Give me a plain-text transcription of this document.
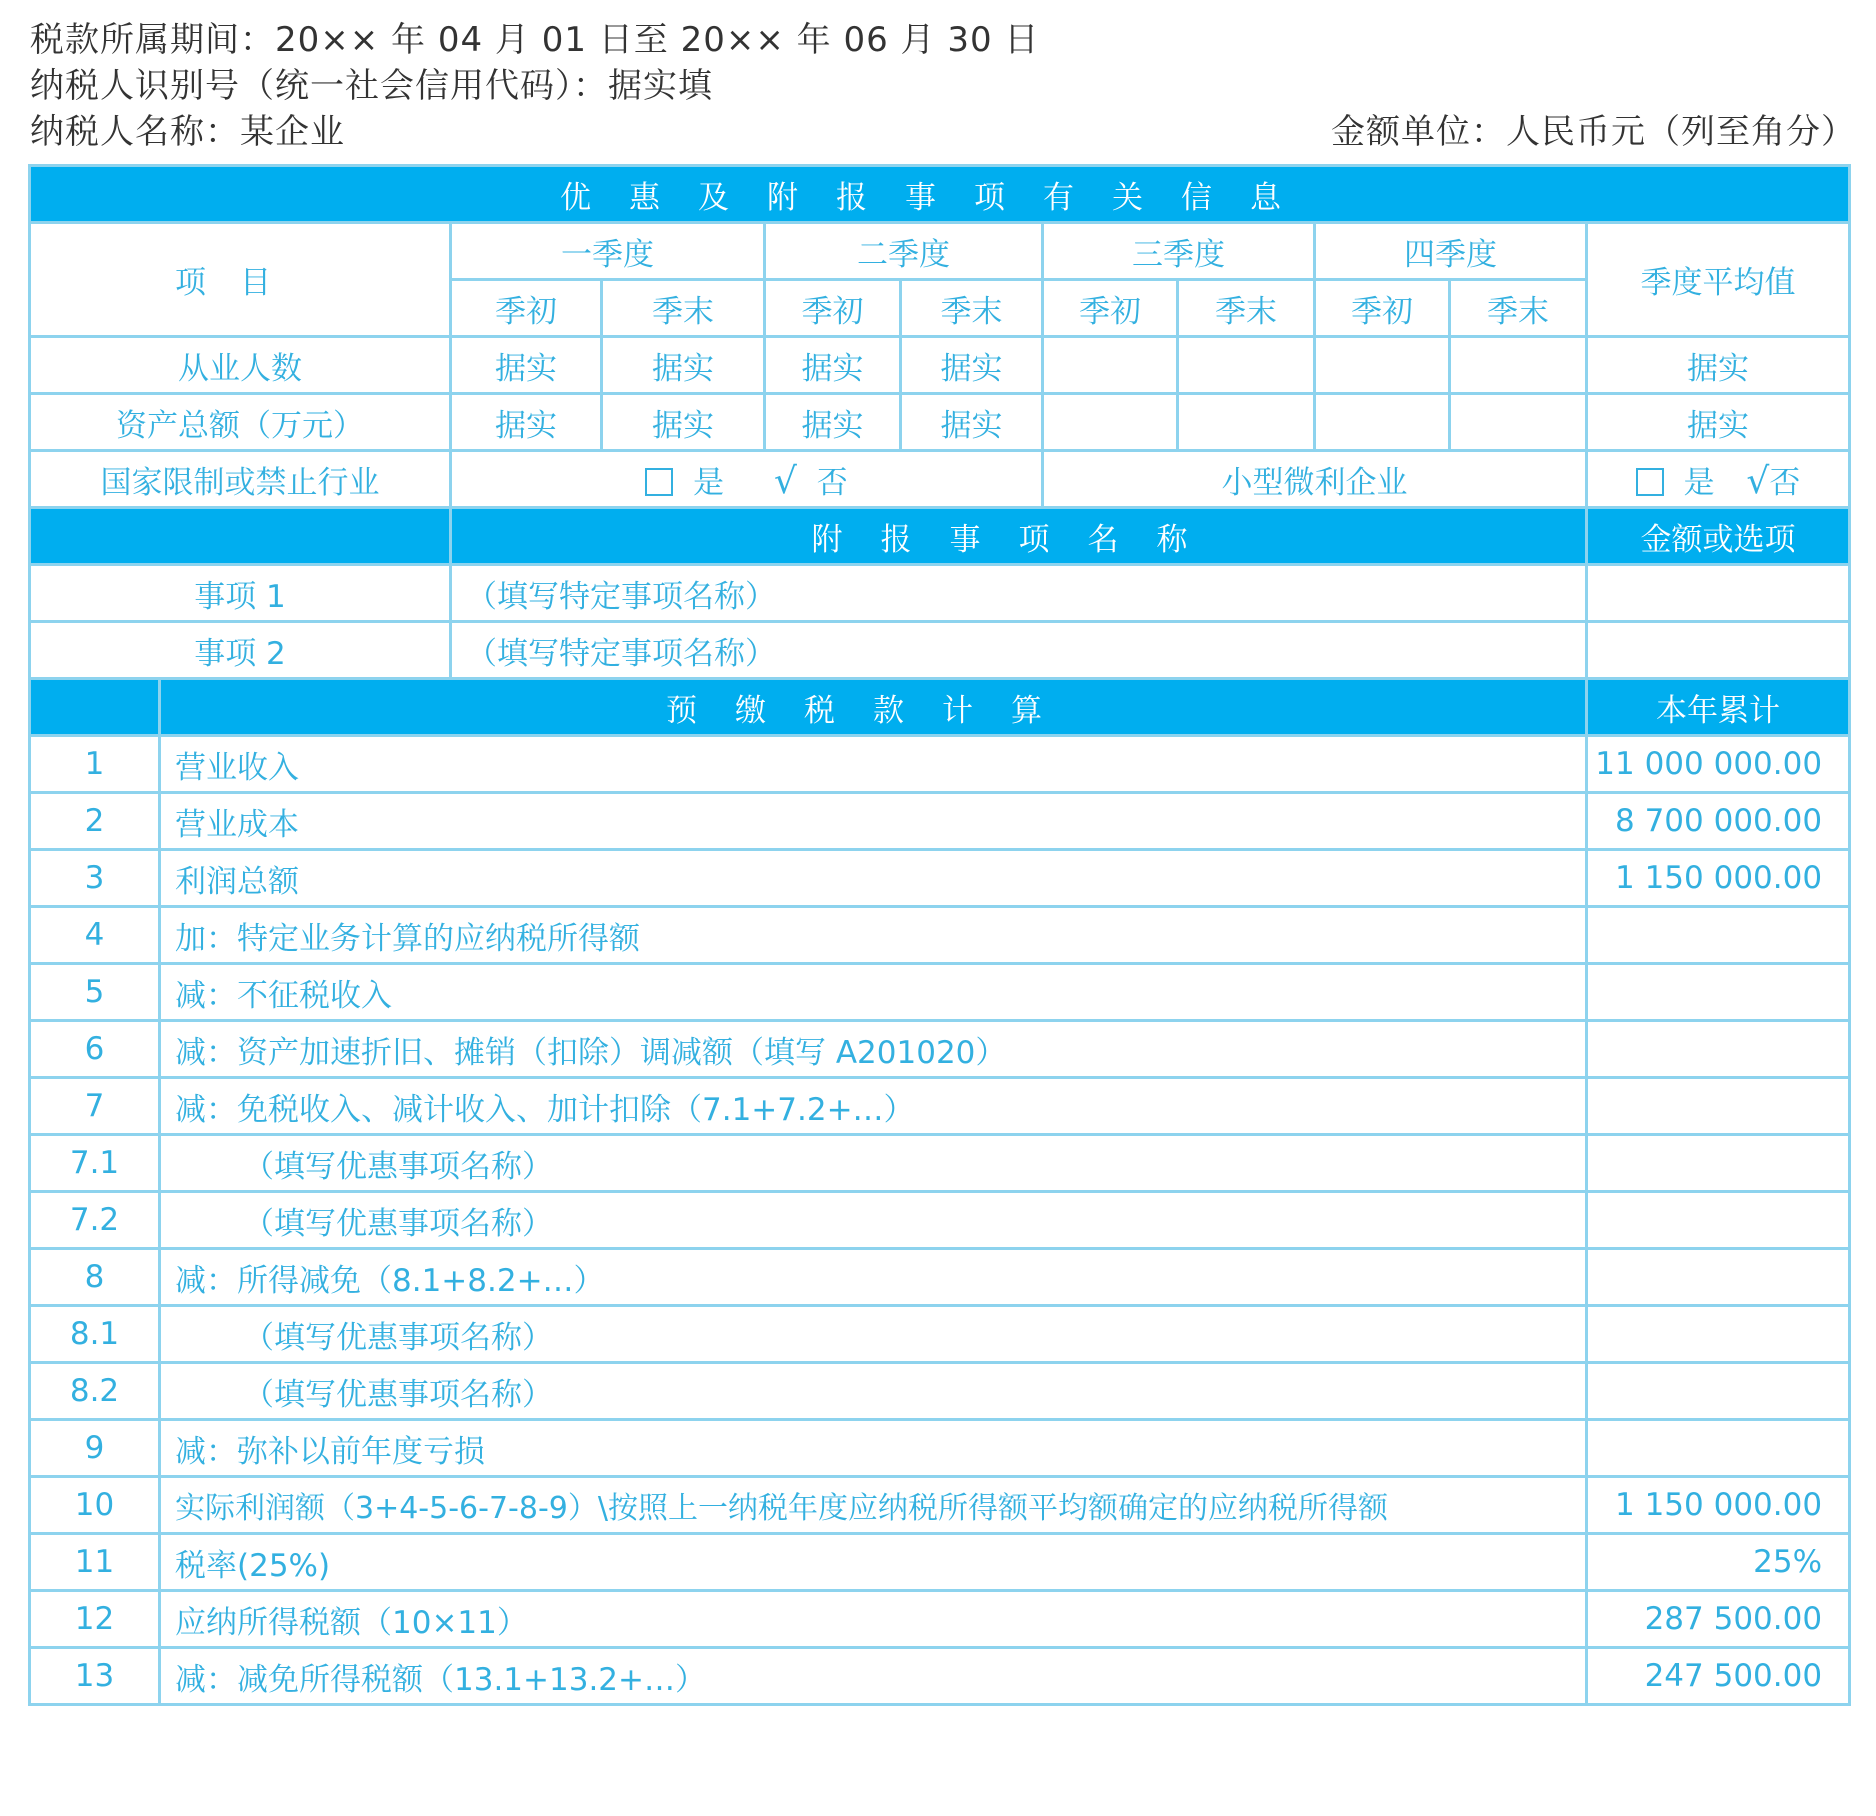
税款所属期间：20×× 年 04 月 01 日至 20×× 年 06 月 30 日
纳税人识别号（统一社会信用代码）：据实填
纳税人名称：某企业	金额单位：人民币元（列至角分）
优惠及附报事项有关信息										
项目		一季度		二季度		三季度		四季度		季度平均值
		季初	季末	季初	季末	季初	季末	季初	季末	
从业人数		据实	据实	据实	据实					据实
资产总额（万元）		据实	据实	据实	据实					据实
国家限制或禁止行业		是 √ 否				小型微利企业				是 √否
		附报事项名称								金额或选项
事项 1		（填写特定事项名称）								
事项 2		（填写特定事项名称）								
	预缴税款计算									本年累计
1	营业收入									11 000 000.00
2	营业成本									8 700 000.00
3	利润总额									1 150 000.00
4	加：特定业务计算的应纳税所得额									
5	减：不征税收入									
6	减：资产加速折旧、摊销（扣除）调减额（填写 A201020）									
7	减：免税收入、减计收入、加计扣除（7.1+7.2+…）									
7.1	（填写优惠事项名称）									
7.2	（填写优惠事项名称）									
8	减：所得减免（8.1+8.2+…）									
8.1	（填写优惠事项名称）									
8.2	（填写优惠事项名称）									
9	减：弥补以前年度亏损									
10	实际利润额（3+4-5-6-7-8-9）\按照上一纳税年度应纳税所得额平均额确定的应纳税所得额									1 150 000.00
11	税率(25%)									25%
12	应纳所得税额（10×11）									287 500.00
13	减：减免所得税额（13.1+13.2+…）									247 500.00
